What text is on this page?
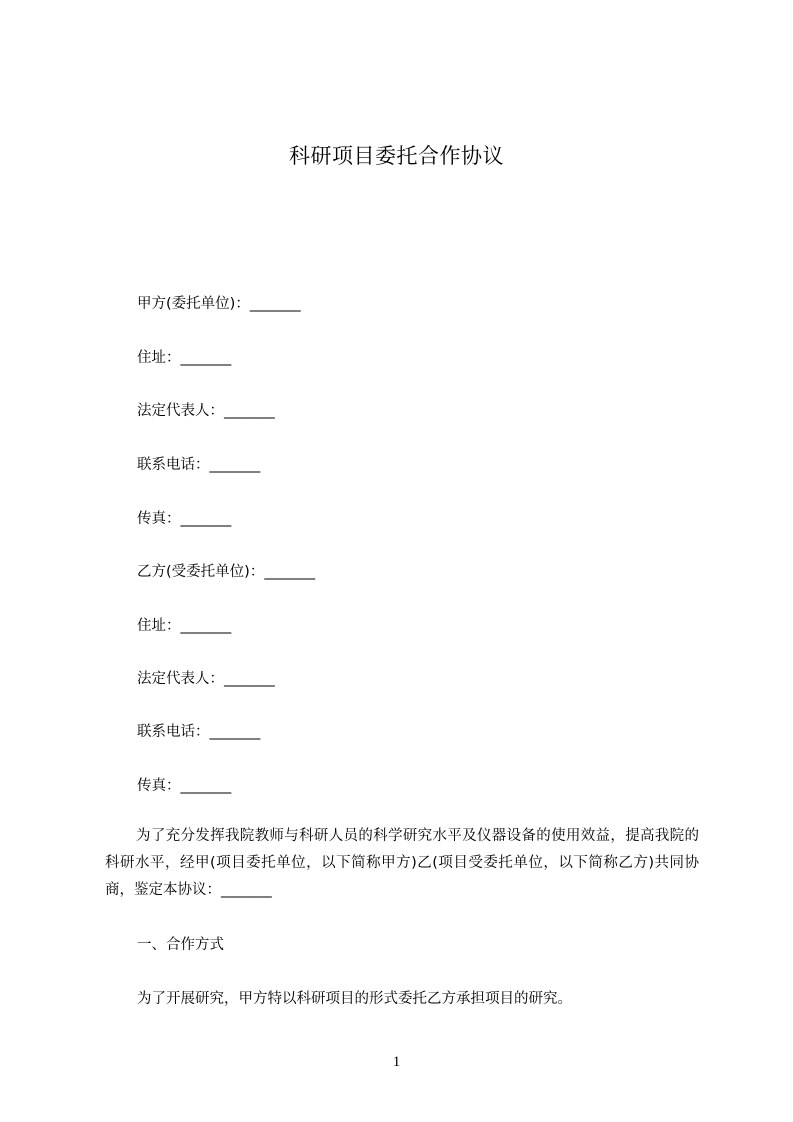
科研项目委托合作协议
甲方(委托单位)：_______
住址：_______
法定代表人：_______
联系电话：_______
传真：_______
乙方(受委托单位)：_______
住址：_______
法定代表人：_______
联系电话：_______
传真：_______
为了充分发挥我院教师与科研人员的科学研究水平及仪器设备的使用效益，提高我院的科研水平，经甲(项目委托单位，以下简称甲方)乙(项目受委托单位，以下简称乙方)共同协商，鉴定本协议：_______
一、合作方式
为了开展研究，甲方特以科研项目的形式委托乙方承担项目的研究。
1
